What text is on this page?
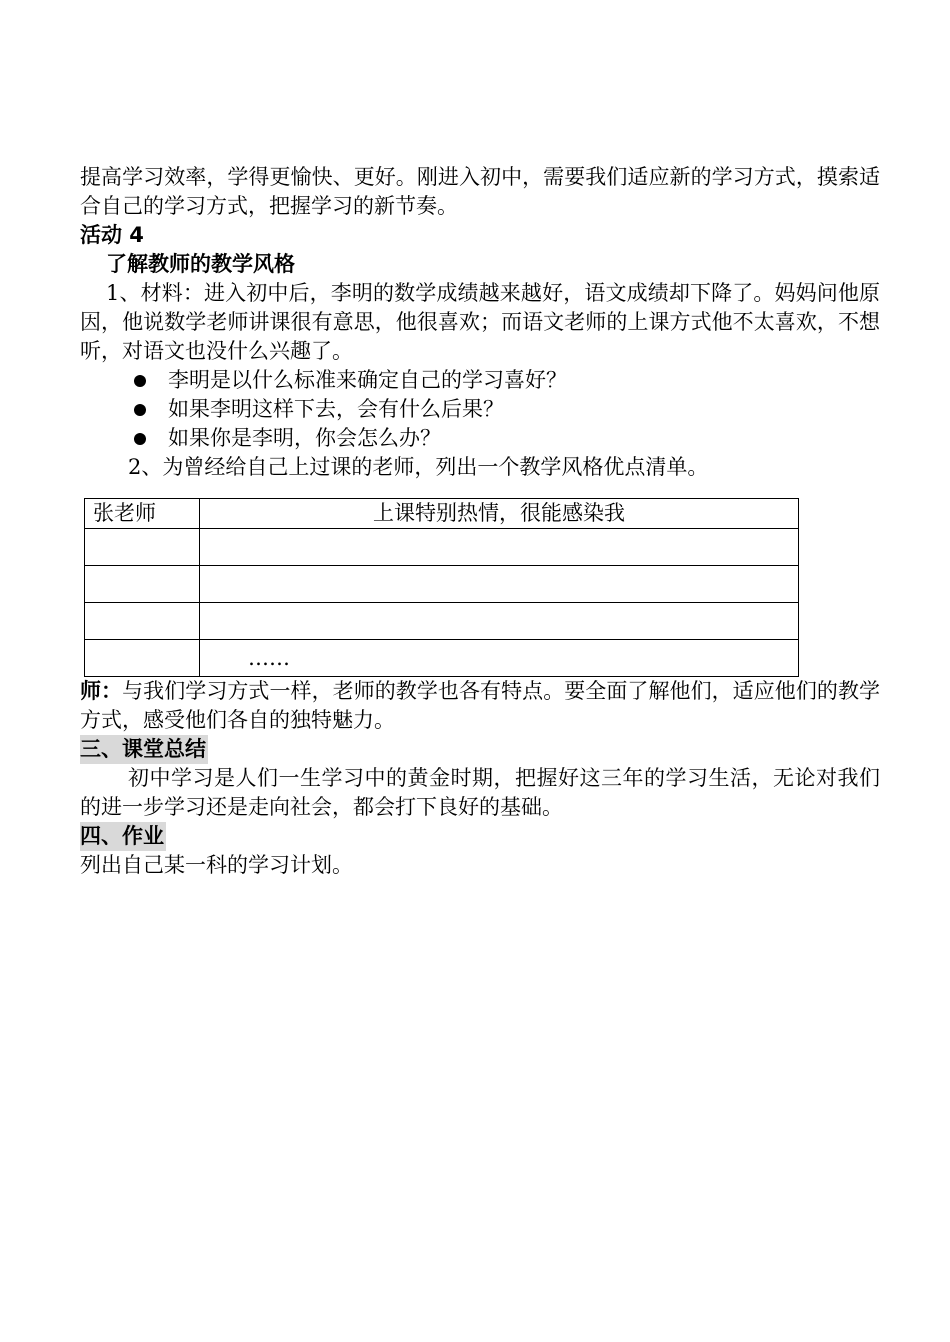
提高学习效率，学得更愉快、更好。刚进入初中，需要我们适应新的学习方式，摸索适合自己的学习方式，把握学习的新节奏。

活动 4

了解教师的教学风格

1、材料：进入初中后，李明的数学成绩越来越好，语文成绩却下降了。妈妈问他原因，他说数学老师讲课很有意思，他很喜欢；而语文老师的上课方式他不太喜欢，不想听，对语文也没什么兴趣了。

李明是以什么标准来确定自己的学习喜好？
如果李明这样下去，会有什么后果？
如果你是李明，你会怎么办？

2、为曾经给自己上过课的老师，列出一个教学风格优点清单。

张老师	上课特别热情，很能感染我

	……

师：与我们学习方式一样，老师的教学也各有特点。要全面了解他们，适应他们的教学方式，感受他们各自的独特魅力。

三、课堂总结

初中学习是人们一生学习中的黄金时期，把握好这三年的学习生活，无论对我们的进一步学习还是走向社会，都会打下良好的基础。

四、作业

列出自己某一科的学习计划。
